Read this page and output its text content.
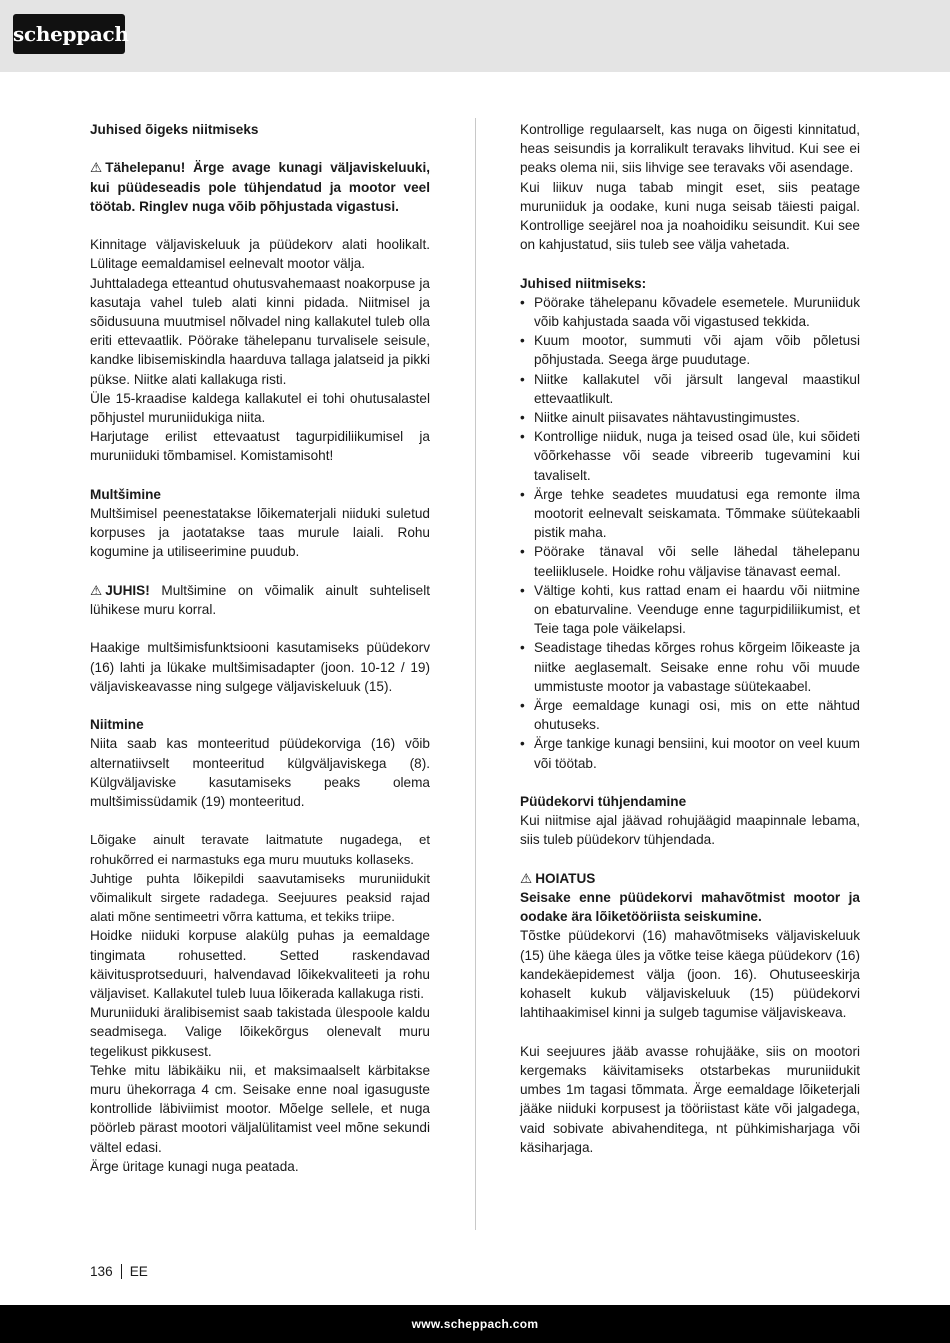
scheppach

Juhised õigeks niitmiseks

⚠ Tähelepanu! Ärge avage kunagi väljaviskeluuki, kui püüdeseadis pole tühjendatud ja mootor veel töötab. Ringlev nuga võib põhjustada vigastusi.

Kinnitage väljaviskeluuk ja püüdekorv alati hoolikalt. Lülitage eemaldamisel eelnevalt mootor välja.

Juhttaladega etteantud ohutusvahemaast noakorpuse ja kasutaja vahel tuleb alati kinni pidada. Niitmisel ja sõidusuuna muutmisel nõlvadel ning kallakutel tuleb olla eriti ettevaatlik. Pöörake tähelepanu turvalisele seisule, kandke libisemiskindla haarduva tallaga jalatseid ja pikki pükse. Niitke alati kallakuga risti.

Üle 15-kraadise kaldega kallakutel ei tohi ohutusalastel põhjustel muruniidukiga niita.

Harjutage erilist ettevaatust tagurpidiliikumisel ja muruniiduki tõmbamisel. Komistamisoht!

Multšimine

Multšimisel peenestatakse lõikematerjali niiduki suletud korpuses ja jaotatakse taas murule laiali. Rohu kogumine ja utiliseerimine puudub.

⚠ JUHIS! Multšimine on võimalik ainult suhteliselt lühikese muru korral.

Haakige multšimisfunktsiooni kasutamiseks püüdekorv (16) lahti ja lükake multšimisadapter (joon. 10-12 / 19) väljaviskeavasse ning sulgege väljaviskeluuk (15).

Niitmine

Niita saab kas monteeritud püüdekorviga (16) võib alternatiivselt monteeritud külgväljaviskega (8). Külgväljaviske kasutamiseks peaks olema multšimissüdamik (19) monteeritud.

Lõigake ainult teravate laitmatute nugadega, et rohukõrred ei narmastuks ega muru muutuks kollaseks.

Juhtige puhta lõikepildi saavutamiseks muruniidukit võimalikult sirgete radadega. Seejuures peaksid rajad alati mõne sentimeetri võrra kattuma, et tekiks triipe.

Hoidke niiduki korpuse alakülg puhas ja eemaldage tingimata rohusetted. Setted raskendavad käivitusprotseduuri, halvendavad lõikekvaliteeti ja rohu väljaviset. Kallakutel tuleb luua lõikerada kallakuga risti.

Muruniiduki äralibisemist saab takistada ülespoole kaldu seadmisega. Valige lõikekõrgus olenevalt muru tegelikust pikkusest.

Tehke mitu läbikäiku nii, et maksimaalselt kärbitakse muru ühekorraga 4 cm. Seisake enne noal igasuguste kontrollide läbiviimist mootor. Mõelge sellele, et nuga pöörleb pärast mootori väljalülitamist veel mõne sekundi vältel edasi.

Ärge üritage kunagi nuga peatada.

Kontrollige regulaarselt, kas nuga on õigesti kinnitatud, heas seisundis ja korralikult teravaks lihvitud. Kui see ei peaks olema nii, siis lihvige see teravaks või asendage.

Kui liikuv nuga tabab mingit eset, siis peatage muruniiduk ja oodake, kuni nuga seisab täiesti paigal. Kontrollige seejärel noa ja noahoidiku seisundit. Kui see on kahjustatud, siis tuleb see välja vahetada.

Juhised niitmiseks:

• Pöörake tähelepanu kõvadele esemetele. Muruniiduk võib kahjustada saada või vigastused tekkida.
• Kuum mootor, summuti või ajam võib põletusi põhjustada. Seega ärge puudutage.
• Niitke kallakutel või järsult langeval maastikul ettevaatlikult.
• Niitke ainult piisavates nähtavustingimustes.
• Kontrollige niiduk, nuga ja teised osad üle, kui sõideti võõrkehasse või seade vibreerib tugevamini kui tavaliselt.
• Ärge tehke seadetes muudatusi ega remonte ilma mootorit eelnevalt seiskamata. Tõmmake süütekaabli pistik maha.
• Pöörake tänaval või selle lähedal tähelepanu teeliiklusele. Hoidke rohu väljavise tänavast eemal.
• Vältige kohti, kus rattad enam ei haardu või niitmine on ebaturvaline. Veenduge enne tagurpidiliikumist, et Teie taga pole väikelapsi.
• Seadistage tihedas kõrges rohus kõrgeim lõikeaste ja niitke aeglasemalt. Seisake enne rohu või muude ummistuste mootor ja vabastage süütekaabel.
• Ärge eemaldage kunagi osi, mis on ette nähtud ohutuseks.
• Ärge tankige kunagi bensiini, kui mootor on veel kuum või töötab.

Püüdekorvi tühjendamine

Kui niitmise ajal jäävad rohujäägid maapinnale lebama, siis tuleb püüdekorv tühjendada.

⚠ HOIATUS

Seisake enne püüdekorvi mahavõtmist mootor ja oodake ära lõiketööriista seiskumine.

Tõstke püüdekorvi (16) mahavõtmiseks väljaviskeluuk (15) ühe käega üles ja võtke teise käega püüdekorv (16) kandekäepidemest välja (joon. 16). Ohutuseeskirja kohaselt kukub väljaviskeluuk (15) püüdekorvi lahtihaakimisel kinni ja sulgeb tagumise väljaviskeava.

Kui seejuures jääb avasse rohujääke, siis on mootori kergemaks käivitamiseks otstarbekas muruniidukit umbes 1m tagasi tõmmata. Ärge eemaldage lõiketerjali jääke niiduki korpusest ja tööriistast käte või jalgadega, vaid sobivate abivahenditega, nt pühkimisharjaga või käsiharjaga.

136 EE
www.scheppach.com
